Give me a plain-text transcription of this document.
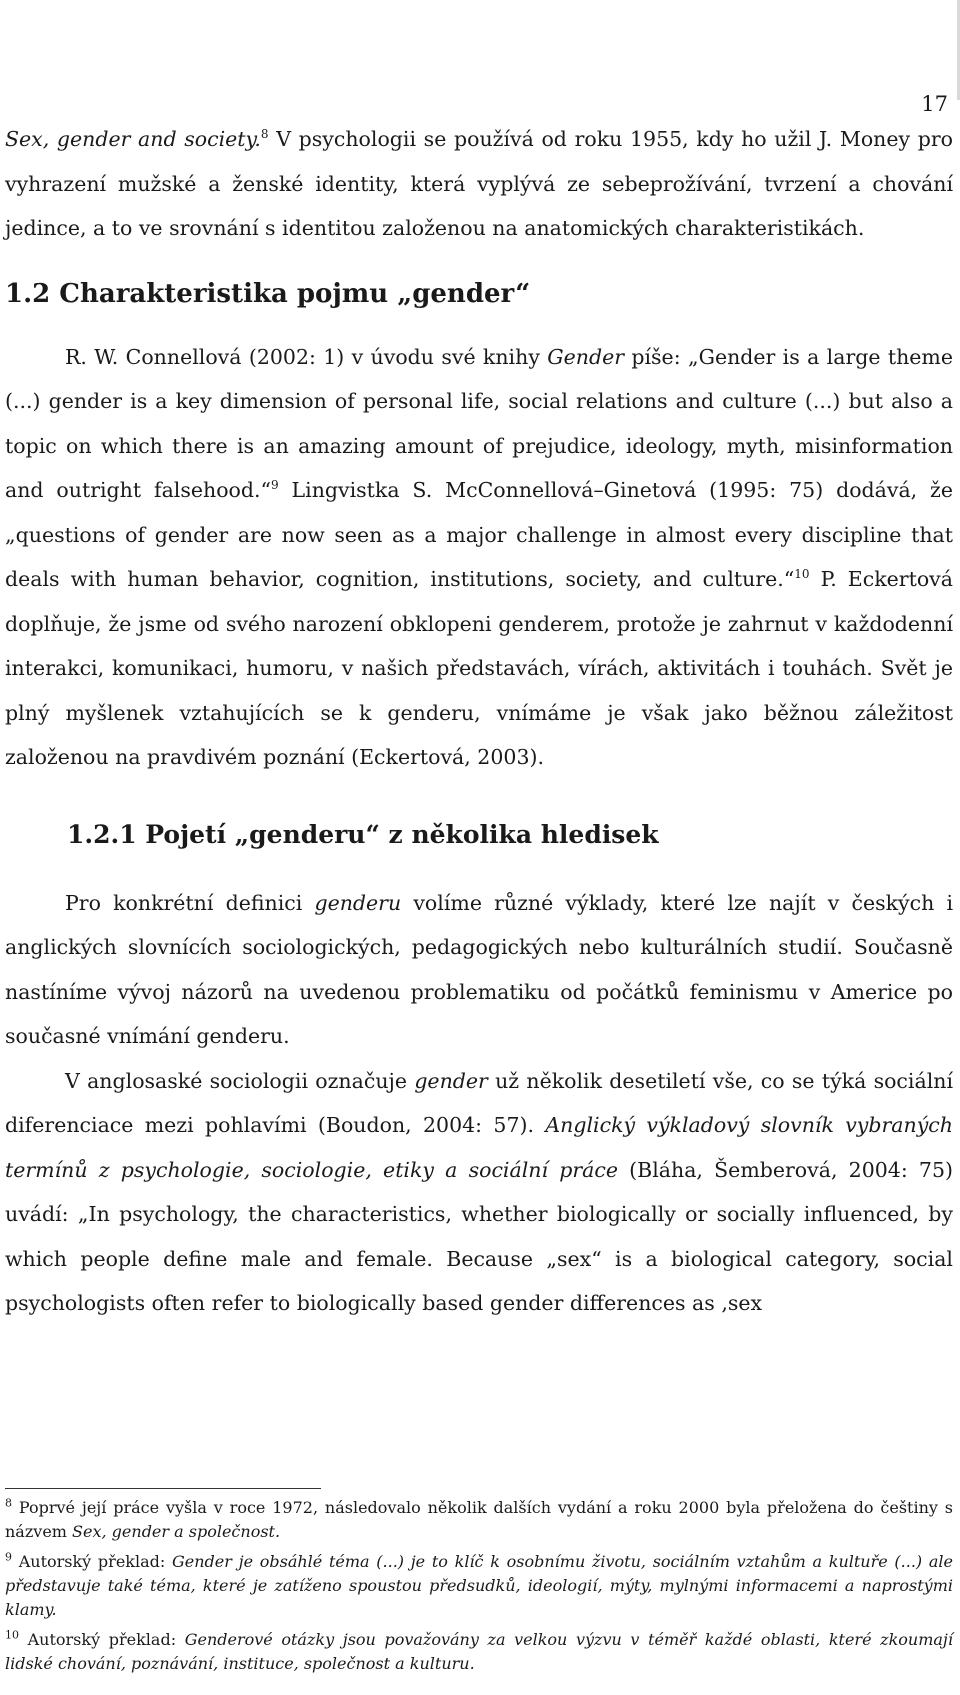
17

Sex, gender and society.$^8$ V psychologii se používá od roku 1955, kdy ho užil J. Money pro vyhrazení mužské a ženské identity, která vyplývá ze sebeprožívání, tvrzení a chování jedince, a to ve srovnání s identitou založenou na anatomických charakteristikách.

1.2 Charakteristika pojmu „gender“

R. W. Connellová (2002: 1) v úvodu své knihy Gender píše: „Gender is a large theme (...) gender is a key dimension of personal life, social relations and culture (...) but also a topic on which there is an amazing amount of prejudice, ideology, myth, misinformation and outright falsehood.“$^9$ Lingvistka S. McConnellová–Ginetová (1995: 75) dodává, že „questions of gender are now seen as a major challenge in almost every discipline that deals with human behavior, cognition, institutions, society, and culture.“$^{10}$ P. Eckertová doplňuje, že jsme od svého narození obklopeni genderem, protože je zahrnut v každodenní interakci, komunikaci, humoru, v našich představách, vírách, aktivitách i touhách. Svět je plný myšlenek vztahujících se k genderu, vnímáme je však jako běžnou záležitost založenou na pravdivém poznání (Eckertová, 2003).

1.2.1 Pojetí „genderu“ z několika hledisek

Pro konkrétní definici genderu volíme různé výklady, které lze najít v českých i anglických slovnících sociologických, pedagogických nebo kulturálních studií. Současně nastíníme vývoj názorů na uvedenou problematiku od počátků feminismu v Americe po současné vnímání genderu.

V anglosaské sociologii označuje gender už několik desetiletí vše, co se týká sociální diferenciace mezi pohlavími (Boudon, 2004: 57). Anglický výkladový slovník vybraných termínů z psychologie, sociologie, etiky a sociální práce (Bláha, Šemberová, 2004: 75) uvádí: „In psychology, the characteristics, whether biologically or socially influenced, by which people define male and female. Because „sex“ is a biological category, social psychologists often refer to biologically based gender differences as ‚sex

$^8$ Poprvé její práce vyšla v roce 1972, následovalo několik dalších vydání a roku 2000 byla přeložena do češtiny s názvem Sex, gender a společnost.

$^9$ Autorský překlad: Gender je obsáhlé téma (...) je to klíč k osobnímu životu, sociálním vztahům a kultuře (...) ale představuje také téma, které je zatíženo spoustou předsudků, ideologií, mýty, mylnými informacemi a naprostými klamy.

$^{10}$ Autorský překlad: Genderové otázky jsou považovány za velkou výzvu v téměř každé oblasti, které zkoumají lidské chování, poznávání, instituce, společnost a kulturu.
